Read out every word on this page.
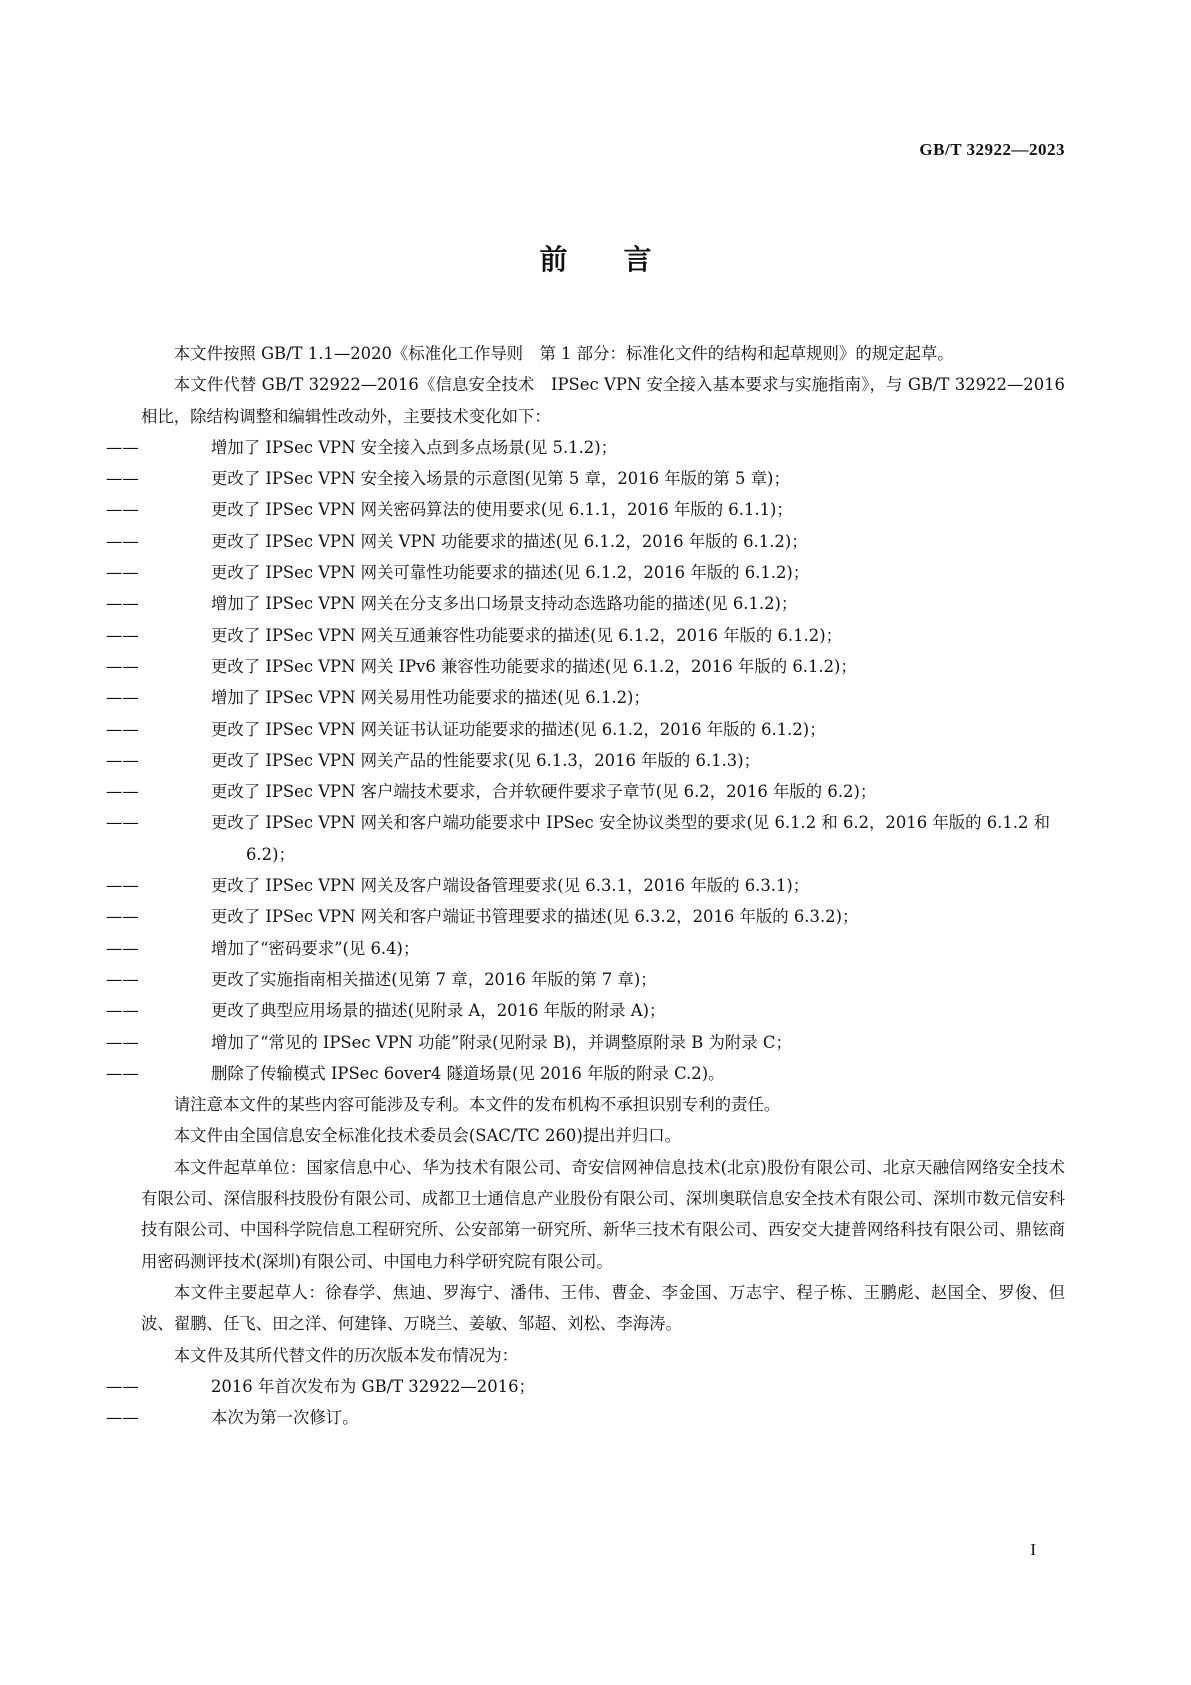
GB/T 32922—2023
前言

本文件按照 GB/T 1.1—2020《标准化工作导则　第 1 部分：标准化文件的结构和起草规则》的规定起草。

本文件代替 GB/T 32922—2016《信息安全技术　IPSec VPN 安全接入基本要求与实施指南》，与 GB/T 32922—2016 相比，除结构调整和编辑性改动外，主要技术变化如下：

——	增加了 IPSec VPN 安全接入点到多点场景(见 5.1.2)；

——	更改了 IPSec VPN 安全接入场景的示意图(见第 5 章，2016 年版的第 5 章)；

——	更改了 IPSec VPN 网关密码算法的使用要求(见 6.1.1，2016 年版的 6.1.1)；

——	更改了 IPSec VPN 网关 VPN 功能要求的描述(见 6.1.2，2016 年版的 6.1.2)；

——	更改了 IPSec VPN 网关可靠性功能要求的描述(见 6.1.2，2016 年版的 6.1.2)；

——	增加了 IPSec VPN 网关在分支多出口场景支持动态选路功能的描述(见 6.1.2)；

——	更改了 IPSec VPN 网关互通兼容性功能要求的描述(见 6.1.2，2016 年版的 6.1.2)；

——	更改了 IPSec VPN 网关 IPv6 兼容性功能要求的描述(见 6.1.2，2016 年版的 6.1.2)；

——	增加了 IPSec VPN 网关易用性功能要求的描述(见 6.1.2)；

——	更改了 IPSec VPN 网关证书认证功能要求的描述(见 6.1.2，2016 年版的 6.1.2)；

——	更改了 IPSec VPN 网关产品的性能要求(见 6.1.3，2016 年版的 6.1.3)；

——	更改了 IPSec VPN 客户端技术要求，合并软硬件要求子章节(见 6.2，2016 年版的 6.2)；

——	更改了 IPSec VPN 网关和客户端功能要求中 IPSec 安全协议类型的要求(见 6.1.2 和 6.2，2016 年版的 6.1.2 和 6.2)；

——	更改了 IPSec VPN 网关及客户端设备管理要求(见 6.3.1，2016 年版的 6.3.1)；

——	更改了 IPSec VPN 网关和客户端证书管理要求的描述(见 6.3.2，2016 年版的 6.3.2)；

——	增加了“密码要求”(见 6.4)；

——	更改了实施指南相关描述(见第 7 章，2016 年版的第 7 章)；

——	更改了典型应用场景的描述(见附录 A，2016 年版的附录 A)；

——	增加了“常见的 IPSec VPN 功能”附录(见附录 B)，并调整原附录 B 为附录 C；

——	删除了传输模式 IPSec 6over4 隧道场景(见 2016 年版的附录 C.2)。

请注意本文件的某些内容可能涉及专利。本文件的发布机构不承担识别专利的责任。

本文件由全国信息安全标准化技术委员会(SAC/TC 260)提出并归口。

本文件起草单位：国家信息中心、华为技术有限公司、奇安信网神信息技术(北京)股份有限公司、北京天融信网络安全技术有限公司、深信服科技股份有限公司、成都卫士通信息产业股份有限公司、深圳奥联信息安全技术有限公司、深圳市数元信安科技有限公司、中国科学院信息工程研究所、公安部第一研究所、新华三技术有限公司、西安交大捷普网络科技有限公司、鼎铉商用密码测评技术(深圳)有限公司、中国电力科学研究院有限公司。

本文件主要起草人：徐春学、焦迪、罗海宁、潘伟、王伟、曹金、李金国、万志宇、程子栋、王鹏彪、赵国全、罗俊、但波、翟鹏、任飞、田之洋、何建锋、万晓兰、姜敏、邹超、刘松、李海涛。

本文件及其所代替文件的历次版本发布情况为：

——	2016 年首次发布为 GB/T 32922—2016；

——	本次为第一次修订。

I
